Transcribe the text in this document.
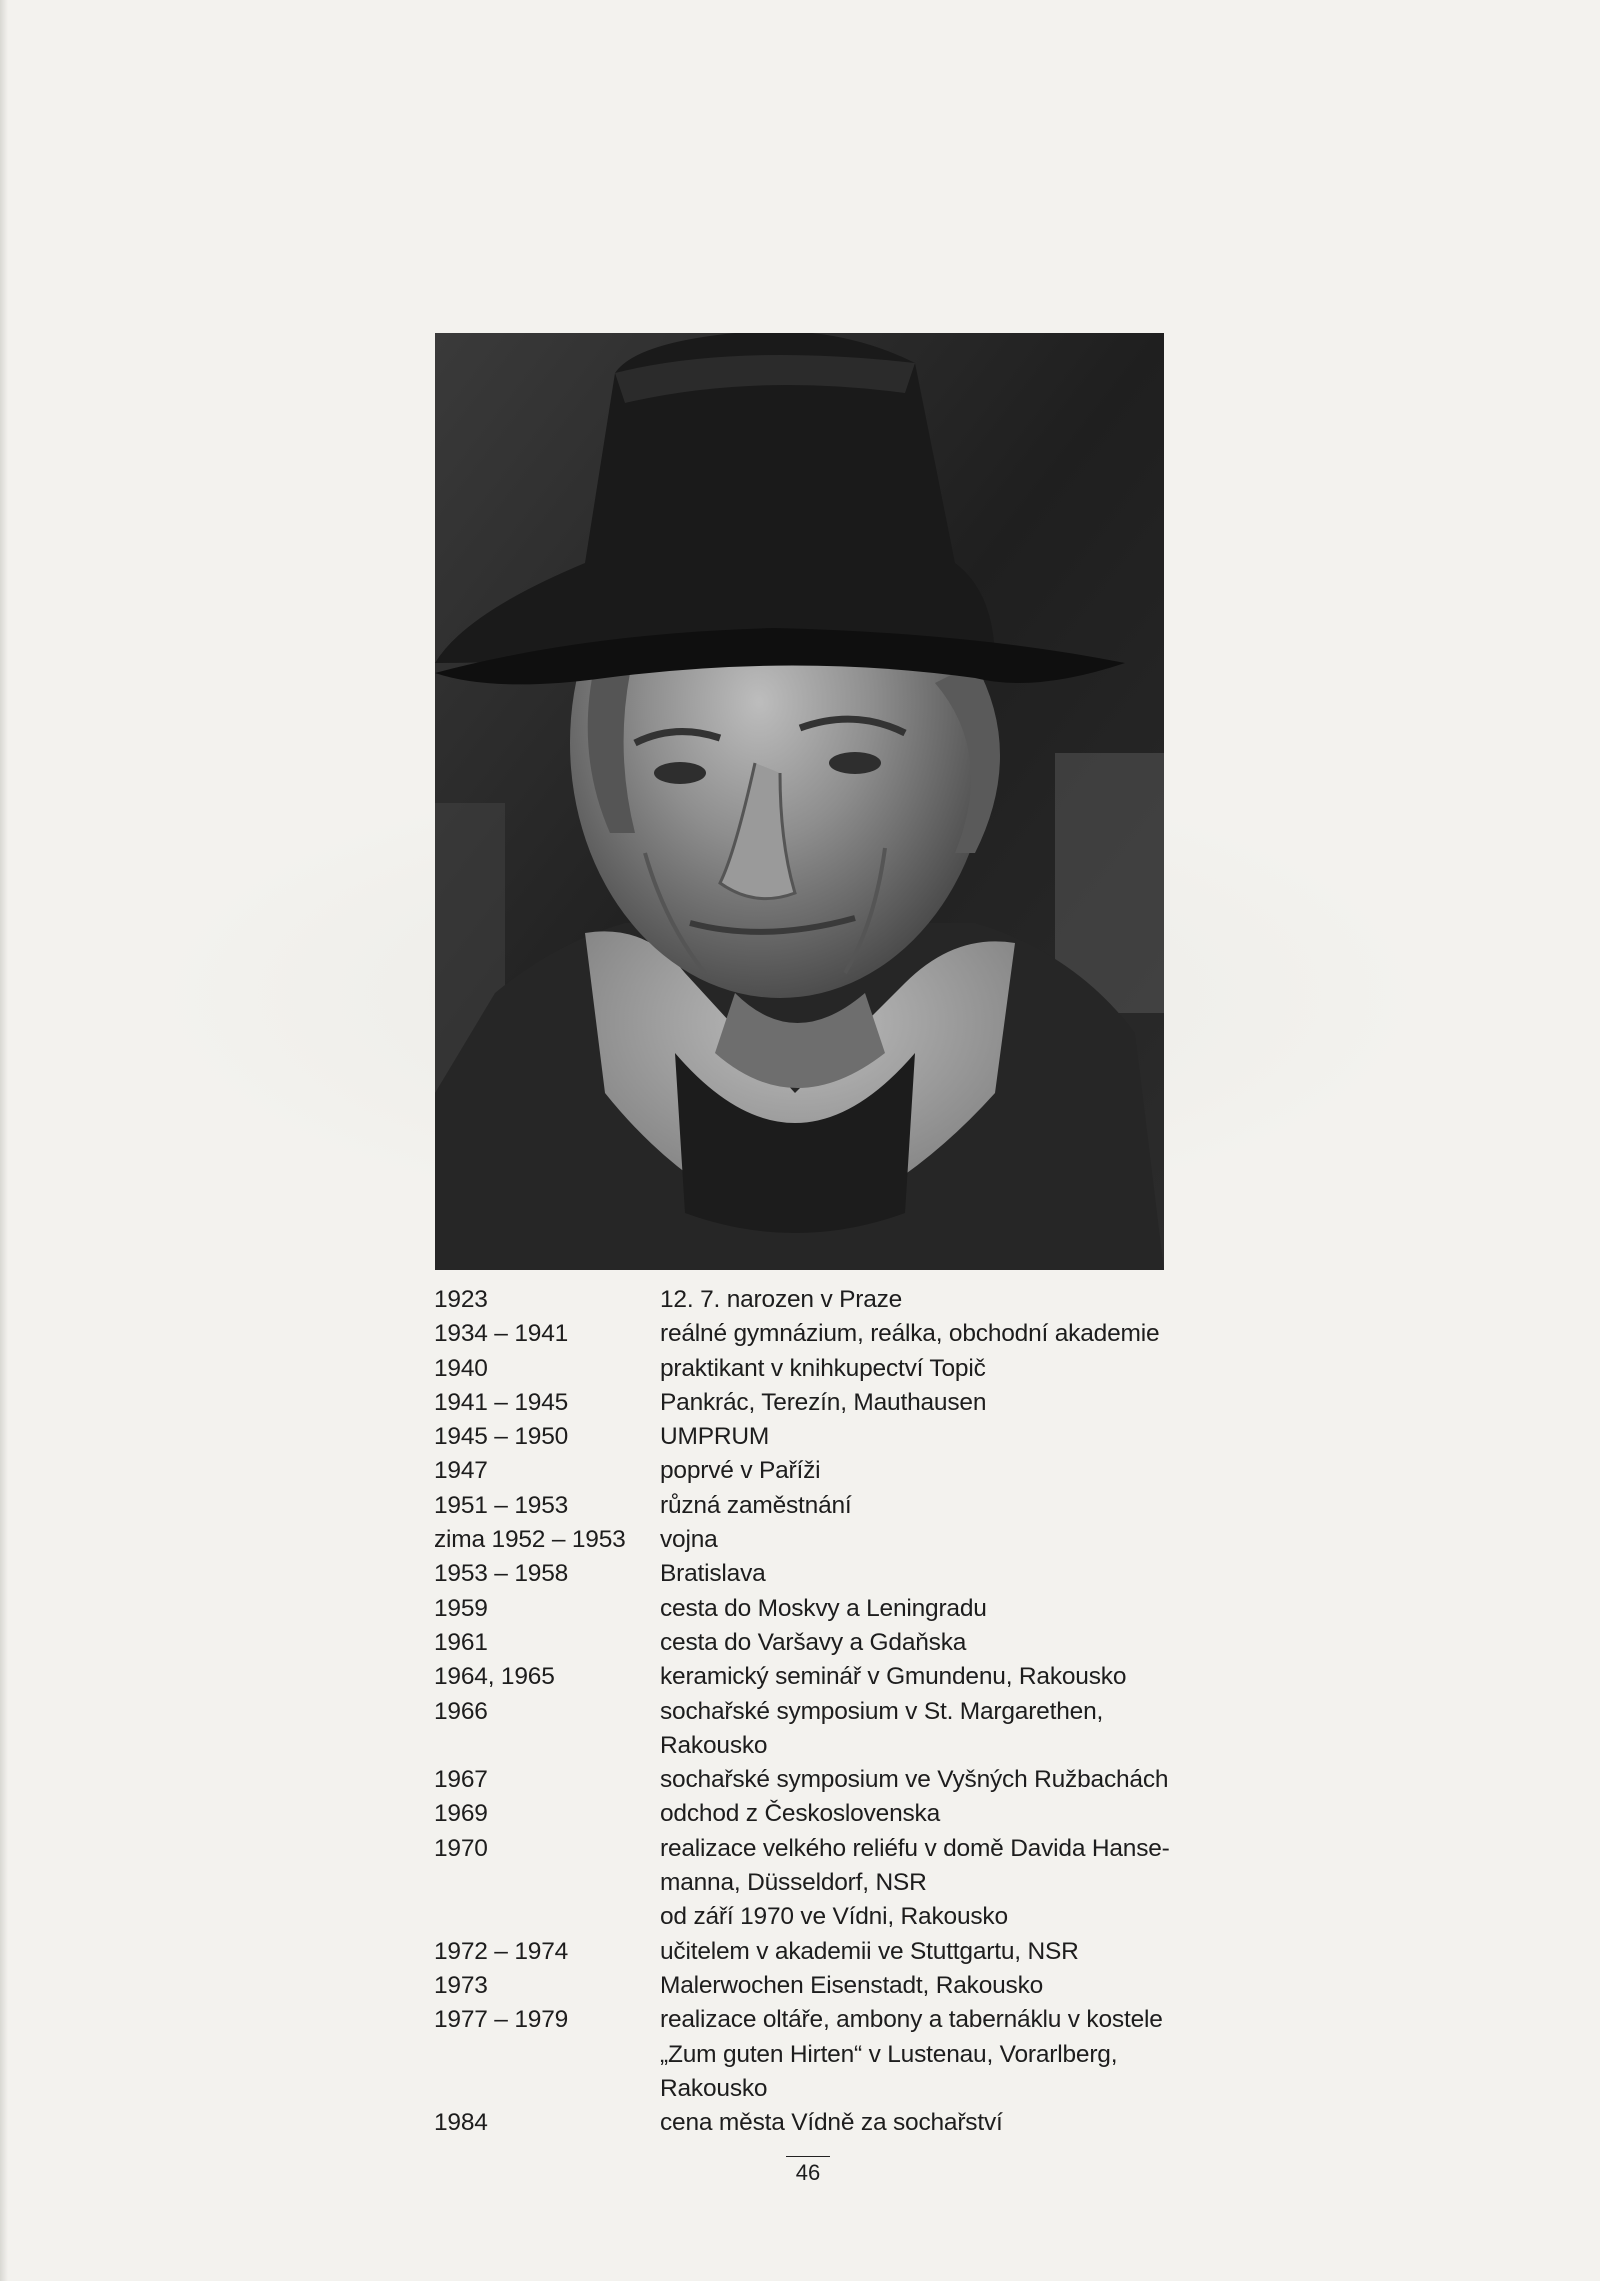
1923	12. 7. narozen v Praze
1934 – 1941	reálné gymnázium, reálka, obchodní akademie
1940	praktikant v knihkupectví Topič
1941 – 1945	Pankrác, Terezín, Mauthausen
1945 – 1950	UMPRUM
1947	poprvé v Paříži
1951 – 1953	různá zaměstnání
zima 1952 – 1953	vojna
1953 – 1958	Bratislava
1959	cesta do Moskvy a Leningradu
1961	cesta do Varšavy a Gdaňska
1964, 1965	keramický seminář v Gmundenu, Rakousko
1966	sochařské symposium v St. Margarethen,
Rakousko
1967	sochařské symposium ve Vyšných Ružbachách
1969	odchod z Československa
1970	realizace velkého reliéfu v domě Davida Hanse-
manna, Düsseldorf, NSR
od září 1970 ve Vídni, Rakousko
1972 – 1974	učitelem v akademii ve Stuttgartu, NSR
1973	Malerwochen Eisenstadt, Rakousko
1977 – 1979	realizace oltáře, ambony a tabernáklu v kostele
„Zum guten Hirten“ v Lustenau, Vorarlberg,
Rakousko
1984	cena města Vídně za sochařství
46
